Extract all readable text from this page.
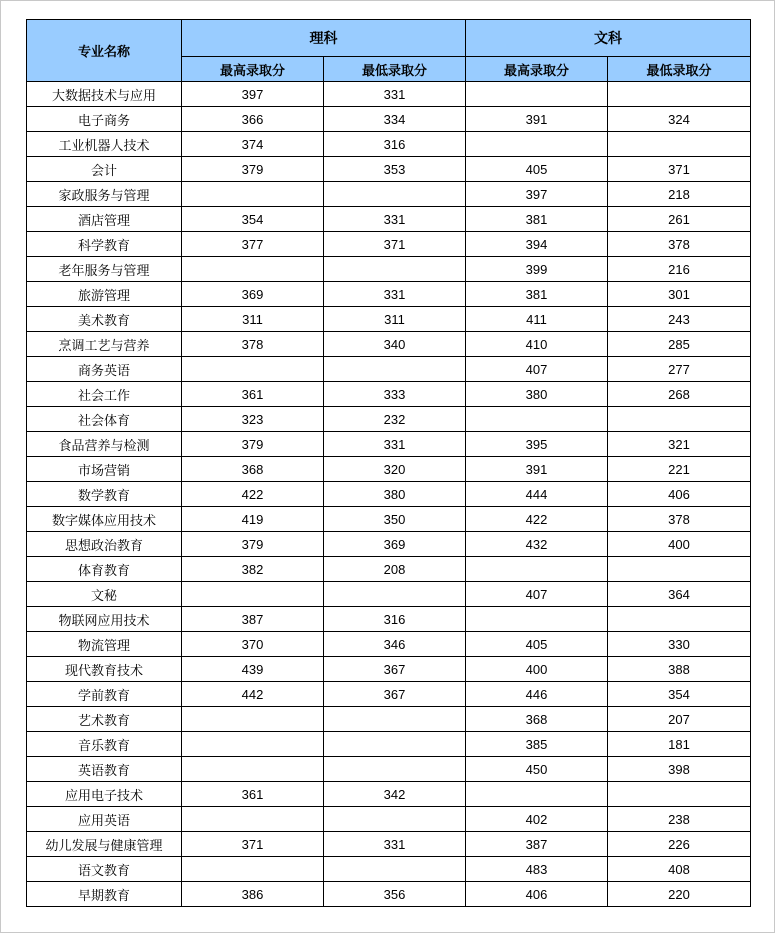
专业名称	理科		文科	
	最高录取分	最低录取分	最高录取分	最低录取分
大数据技术与应用	397	331		
电子商务	366	334	391	324
工业机器人技术	374	316		
会计	379	353	405	371
家政服务与管理			397	218
酒店管理	354	331	381	261
科学教育	377	371	394	378
老年服务与管理			399	216
旅游管理	369	331	381	301
美术教育	311	311	411	243
烹调工艺与营养	378	340	410	285
商务英语			407	277
社会工作	361	333	380	268
社会体育	323	232		
食品营养与检测	379	331	395	321
市场营销	368	320	391	221
数学教育	422	380	444	406
数字媒体应用技术	419	350	422	378
思想政治教育	379	369	432	400
体育教育	382	208		
文秘			407	364
物联网应用技术	387	316		
物流管理	370	346	405	330
现代教育技术	439	367	400	388
学前教育	442	367	446	354
艺术教育			368	207
音乐教育			385	181
英语教育			450	398
应用电子技术	361	342		
应用英语			402	238
幼儿发展与健康管理	371	331	387	226
语文教育			483	408
早期教育	386	356	406	220
